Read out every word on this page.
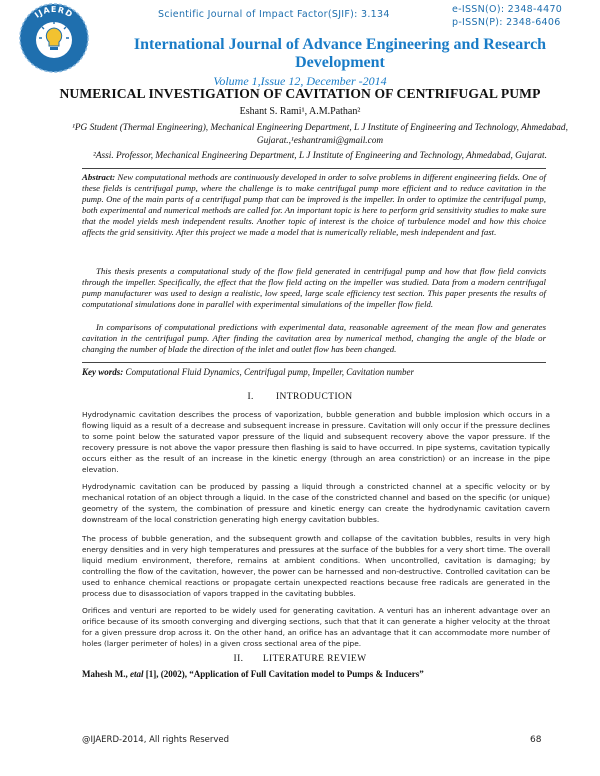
IJAERD	Scientific Journal of Impact Factor(SJIF): 3.134	e-ISSN(O): 2348-4470
p-ISSN(P): 2348-6406
International Journal of Advance Engineering and Research Development
Volume 1,Issue 12, December -2014
NUMERICAL INVESTIGATION OF CAVITATION OF CENTRIFUGAL PUMP
Eshant S. Rami¹, A.M.Pathan²
¹PG Student (Thermal Engineering), Mechanical Engineering Department, L J Institute of Engineering and Technology, Ahmedabad, Gujarat.,¹eshantrami@gmail.com
²Assi. Professor, Mechanical Engineering Department, L J Institute of Engineering and Technology, Ahmedabad, Gujarat.
Abstract: New computational methods are continuously developed in order to solve problems in different engineering fields. One of these fields is centrifugal pump, where the challenge is to make centrifugal pump more efficient and to reduce cavitation in the pump. One of the main parts of a centrifugal pump that can be improved is the impeller. In order to optimize the centrifugal pump, both experimental and numerical methods are called for. An important topic is here to perform grid sensitivity studies to make sure that the model yields mesh independent results. Another topic of interest is the choice of turbulence model and how this choice affects the grid sensitivity. After this project we made a model that is numerically reliable, mesh independent and fast.
This thesis presents a computational study of the flow field generated in centrifugal pump and how that flow field convicts through the impeller. Specifically, the effect that the flow field acting on the impeller was studied. Data from a modern centrifugal pump manufacturer was used to design a realistic, low speed, large scale efficiency test section. This paper presents the results of computational simulations done in parallel with experimental simulations of the impeller flow field.
In comparisons of computational predictions with experimental data, reasonable agreement of the mean flow and generates cavitation in the centrifugal pump. After finding the cavitation area by numerical method, changing the angle of the blade or changing the number of blade the direction of the inlet and outlet flow has been changed.
Key words: Computational Fluid Dynamics, Centrifugal pump, Impeller, Cavitation number
I.        INTRODUCTION
Hydrodynamic cavitation describes the process of vaporization, bubble generation and bubble implosion which occurs in a flowing liquid as a result of a decrease and subsequent increase in pressure. Cavitation will only occur if the pressure declines to some point below the saturated vapor pressure of the liquid and subsequent recovery above the vapor pressure. If the recovery pressure is not above the vapor pressure then flashing is said to have occurred. In pipe systems, cavitation typically occurs either as the result of an increase in the kinetic energy (through an area constriction) or an increase in the pipe elevation.
Hydrodynamic cavitation can be produced by passing a liquid through a constricted channel at a specific velocity or by mechanical rotation of an object through a liquid. In the case of the constricted channel and based on the specific (or unique) geometry of the system, the combination of pressure and kinetic energy can create the hydrodynamic cavitation cavern downstream of the local constriction generating high energy cavitation bubbles.
The process of bubble generation, and the subsequent growth and collapse of the cavitation bubbles, results in very high energy densities and in very high temperatures and pressures at the surface of the bubbles for a very short time. The overall liquid medium environment, therefore, remains at ambient conditions. When uncontrolled, cavitation is damaging; by controlling the flow of the cavitation, however, the power can be harnessed and non-destructive. Controlled cavitation can be used to enhance chemical reactions or propagate certain unexpected reactions because free radicals are generated in the process due to disassociation of vapors trapped in the cavitating bubbles.
Orifices and venturi are reported to be widely used for generating cavitation. A venturi has an inherent advantage over an orifice because of its smooth converging and diverging sections, such that that it can generate a higher velocity at the throat for a given pressure drop across it. On the other hand, an orifice has an advantage that it can accommodate more number of holes (larger perimeter of holes) in a given cross sectional area of the pipe.
II.       LITERATURE REVIEW
Mahesh M., etal [1], (2002), “Application of Full Cavitation model to Pumps & Inducers”
@IJAERD-2014, All rights Reserved	68
